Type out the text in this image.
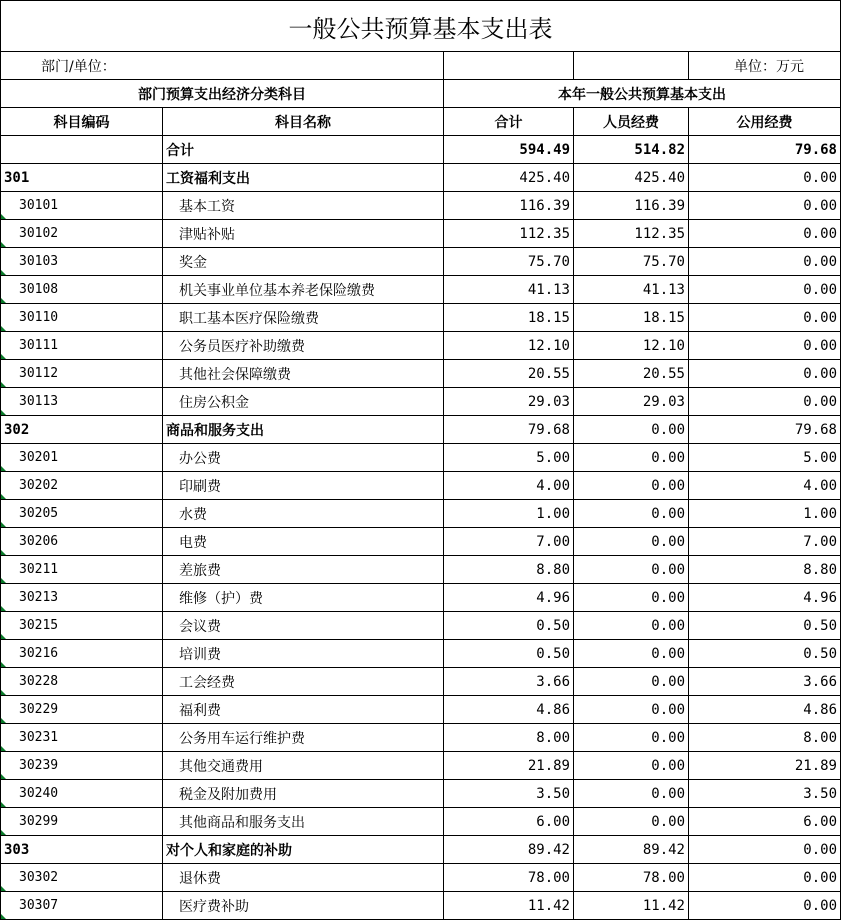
一般公共预算基本支出表				
部门/单位：				单位：万元
部门预算支出经济分类科目		本年一般公共预算基本支出		
科目编码	科目名称	合计	人员经费	公用经费
	合计	594.49	514.82	79.68
301	工资福利支出	425.40	425.40	0.00
30101	基本工资	116.39	116.39	0.00
30102	津贴补贴	112.35	112.35	0.00
30103	奖金	75.70	75.70	0.00
30108	机关事业单位基本养老保险缴费	41.13	41.13	0.00
30110	职工基本医疗保险缴费	18.15	18.15	0.00
30111	公务员医疗补助缴费	12.10	12.10	0.00
30112	其他社会保障缴费	20.55	20.55	0.00
30113	住房公积金	29.03	29.03	0.00
302	商品和服务支出	79.68	0.00	79.68
30201	办公费	5.00	0.00	5.00
30202	印刷费	4.00	0.00	4.00
30205	水费	1.00	0.00	1.00
30206	电费	7.00	0.00	7.00
30211	差旅费	8.80	0.00	8.80
30213	维修（护）费	4.96	0.00	4.96
30215	会议费	0.50	0.00	0.50
30216	培训费	0.50	0.00	0.50
30228	工会经费	3.66	0.00	3.66
30229	福利费	4.86	0.00	4.86
30231	公务用车运行维护费	8.00	0.00	8.00
30239	其他交通费用	21.89	0.00	21.89
30240	税金及附加费用	3.50	0.00	3.50
30299	其他商品和服务支出	6.00	0.00	6.00
303	对个人和家庭的补助	89.42	89.42	0.00
30302	退休费	78.00	78.00	0.00
30307	医疗费补助	11.42	11.42	0.00
